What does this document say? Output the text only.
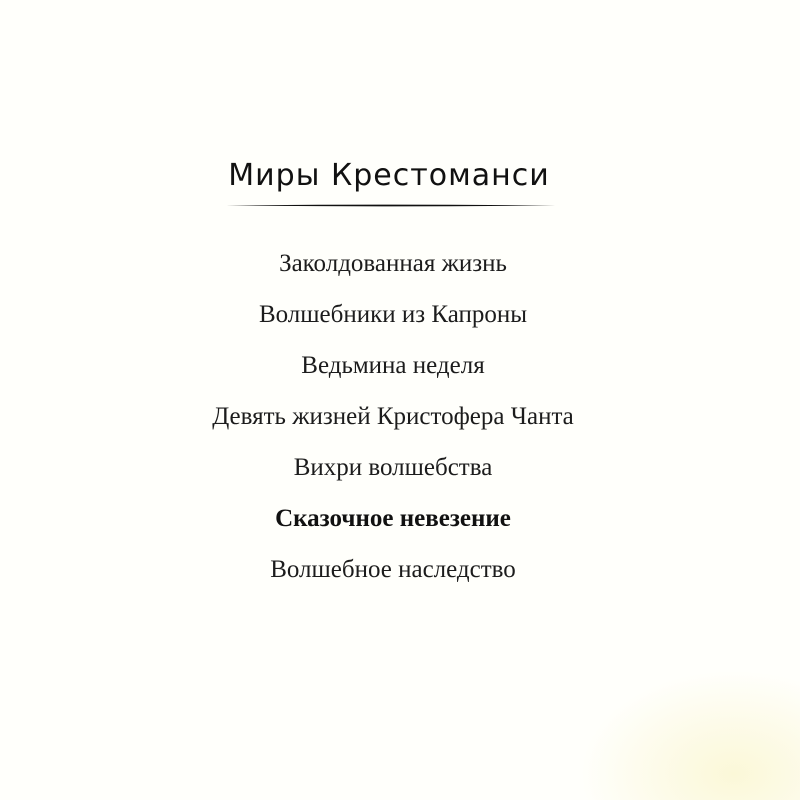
Миры Крестоманси
Заколдованная жизнь
Волшебники из Капроны
Ведьмина неделя
Девять жизней Кристофера Чанта
Вихри волшебства
Сказочное невезение
Волшебное наследство
